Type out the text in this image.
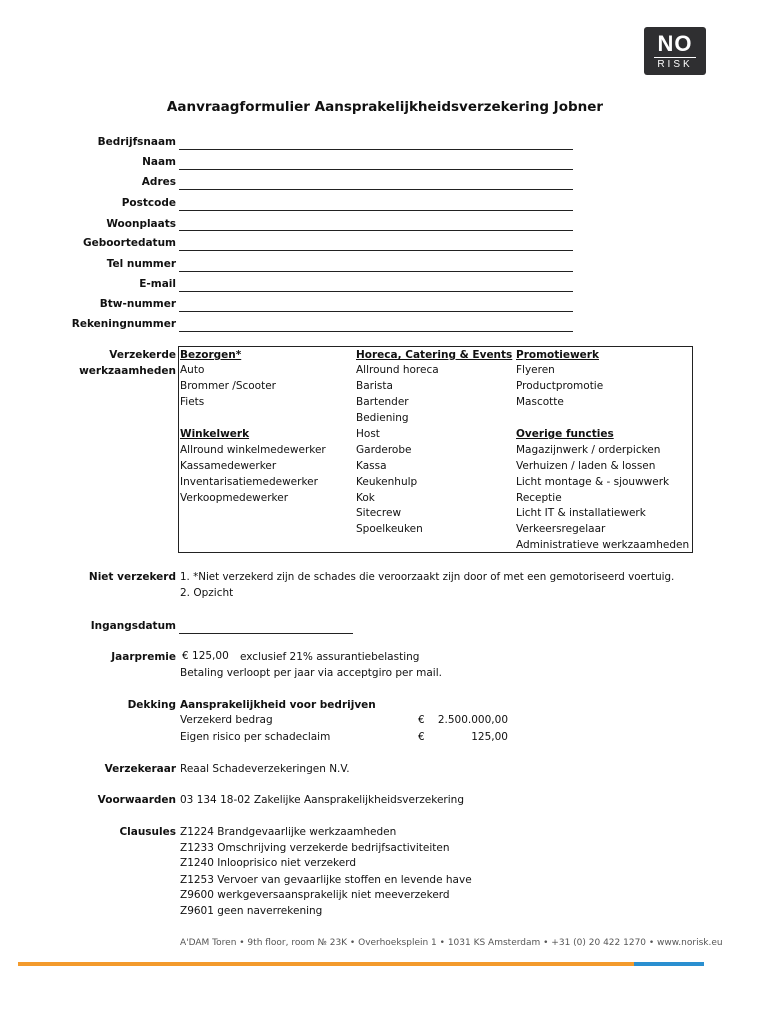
NO
RISK
Aanvraagformulier Aansprakelijkheidsverzekering Jobner
Bedrijfsnaam
Naam
Adres
Postcode
Woonplaats
Geboortedatum
Tel nummer
E-mail
Btw-nummer
Rekeningnummer
Verzekerde
werkzaamheden
Bezorgen*
Auto
Brommer /Scooter
Fiets
Winkelwerk
Allround winkelmedewerker
Kassamedewerker
Inventarisatiemedewerker
Verkoopmedewerker
Horeca, Catering & Events
Allround horeca
Barista
Bartender
Bediening
Host
Garderobe
Kassa
Keukenhulp
Kok
Sitecrew
Spoelkeuken
Promotiewerk
Flyeren
Productpromotie
Mascotte
Overige functies
Magazijnwerk / orderpicken
Verhuizen / laden & lossen
Licht montage & - sjouwwerk
Receptie
Licht IT & installatiewerk
Verkeersregelaar
Administratieve werkzaamheden
Niet verzekerd 1. *Niet verzekerd zijn de schades die veroorzaakt zijn door of met een gemotoriseerd voertuig.
2. Opzicht
Ingangsdatum
Jaarpremie € 125,00 exclusief 21% assurantiebelasting
Betaling verloopt per jaar via acceptgiro per mail.
Dekking Aansprakelijkheid voor bedrijven
Verzekerd bedrag	€ 2.500.000,00
Eigen risico per schadeclaim	€	125,00
Verzekeraar Reaal Schadeverzekeringen N.V.
Voorwaarden 03 134 18-02 Zakelijke Aansprakelijkheidsverzekering
Clausules Z1224 Brandgevaarlijke werkzaamheden
Z1233 Omschrijving verzekerde bedrijfsactiviteiten
Z1240 Inlooprisico niet verzekerd
Z1253 Vervoer van gevaarlijke stoffen en levende have
Z9600 werkgeversaansprakelijk niet meeverzekerd
Z9601 geen naverrekening
A'DAM Toren • 9th floor, room № 23K • Overhoeksplein 1 • 1031 KS Amsterdam • +31 (0) 20 422 1270 • www.norisk.eu
